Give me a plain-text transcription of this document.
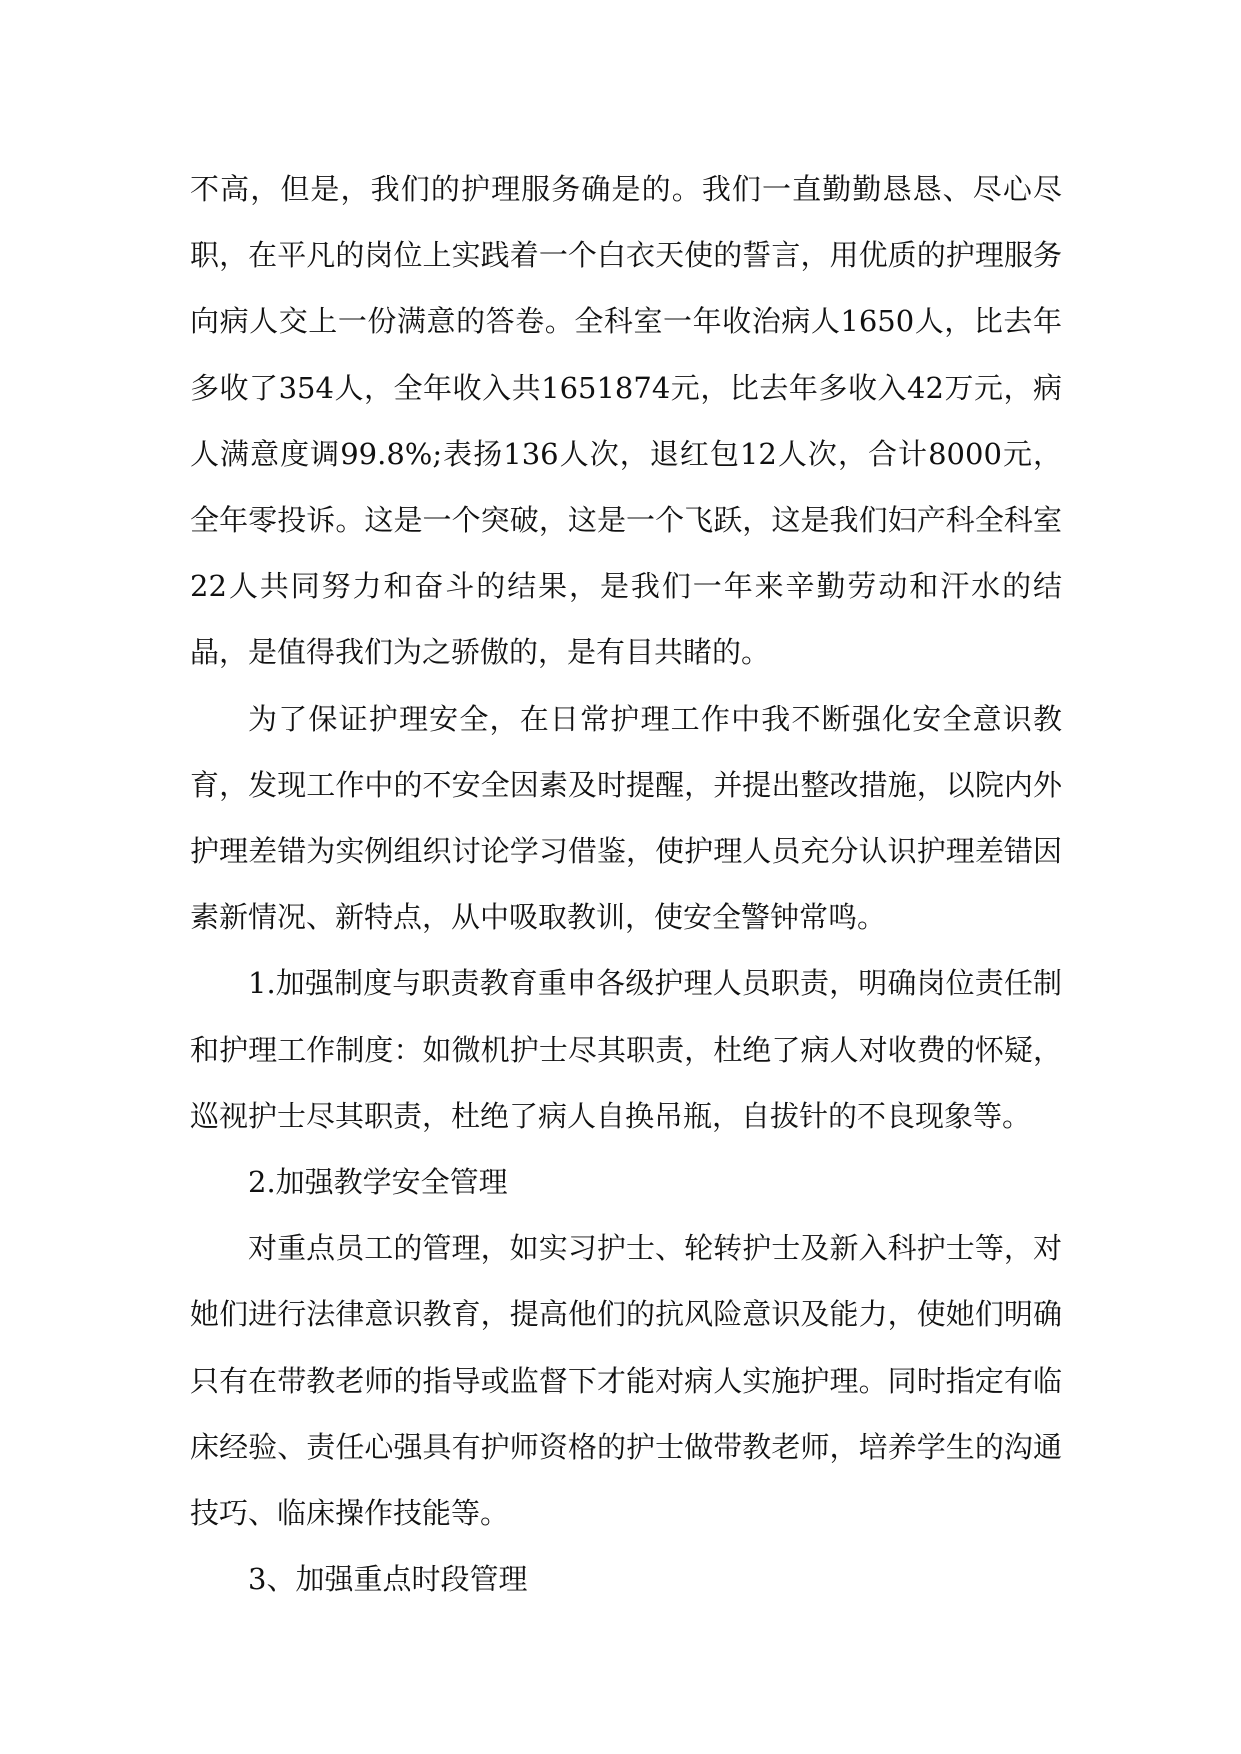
不高，但是，我们的护理服务确是的。我们一直勤勤恳恳、尽心尽职，在平凡的岗位上实践着一个白衣天使的誓言，用优质的护理服务向病人交上一份满意的答卷。全科室一年收治病人1650人，比去年多收了354人，全年收入共1651874元，比去年多收入42万元，病人满意度调99.8%;表扬136人次，退红包12人次，合计8000元，全年零投诉。这是一个突破，这是一个飞跃，这是我们妇产科全科室22人共同努力和奋斗的结果，是我们一年来辛勤劳动和汗水的结晶，是值得我们为之骄傲的，是有目共睹的。

为了保证护理安全，在日常护理工作中我不断强化安全意识教育，发现工作中的不安全因素及时提醒，并提出整改措施，以院内外护理差错为实例组织讨论学习借鉴，使护理人员充分认识护理差错因素新情况、新特点，从中吸取教训，使安全警钟常鸣。

1.加强制度与职责教育重申各级护理人员职责，明确岗位责任制和护理工作制度：如微机护士尽其职责，杜绝了病人对收费的怀疑，巡视护士尽其职责，杜绝了病人自换吊瓶，自拔针的不良现象等。

2.加强教学安全管理

对重点员工的管理，如实习护士、轮转护士及新入科护士等，对她们进行法律意识教育，提高他们的抗风险意识及能力，使她们明确只有在带教老师的指导或监督下才能对病人实施护理。同时指定有临床经验、责任心强具有护师资格的护士做带教老师，培养学生的沟通技巧、临床操作技能等。

3、加强重点时段管理
